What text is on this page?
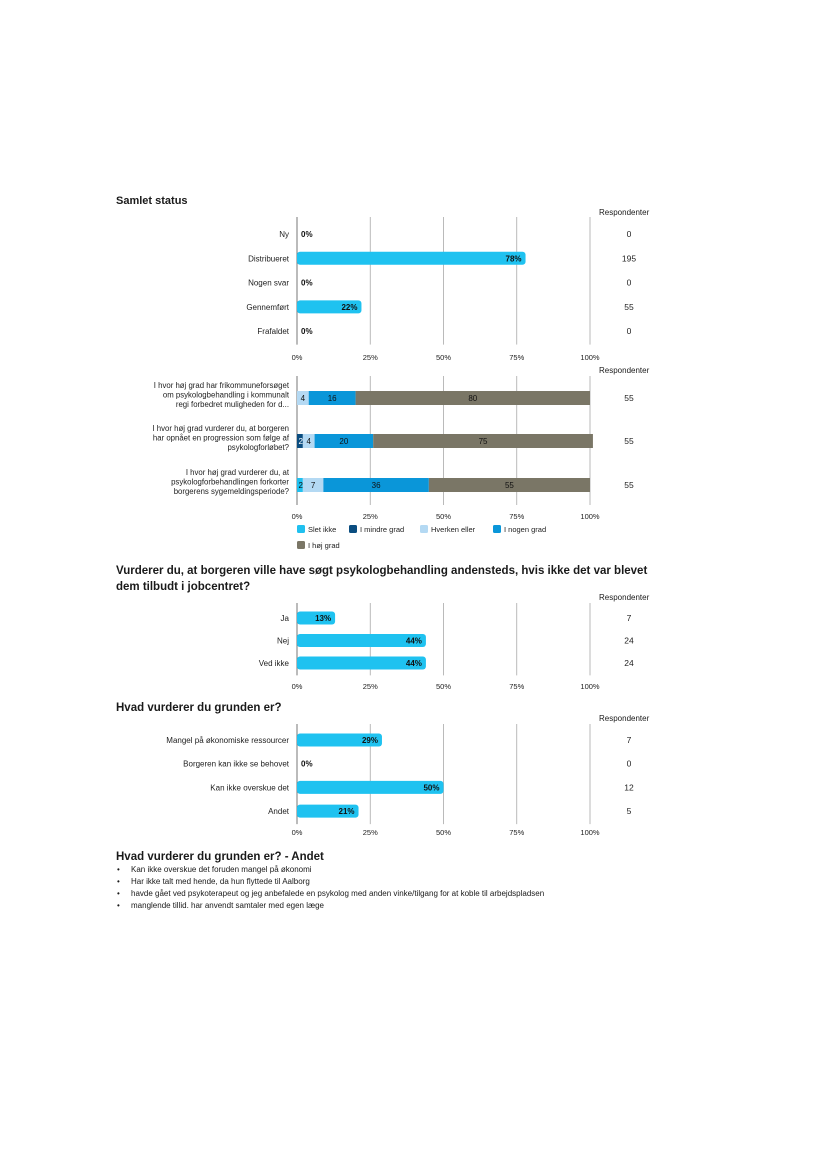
Samlet status
Respondenter
0%	25%	50%	75%	100%
Ny 0%	0
Distribueret	78%	195
Nogen svar 0%	0
Gennemført	22%	55
Frafaldet 0%	0
0%	25%	50%	75%	100%
I hvor høj grad har frikommuneforsøget
om psykologbehandling i kommunalt
regi forbedret muligheden for d...
4	16	80	55
I hvor høj grad vurderer du, at borgeren
har opnået en progression som følge af
psykologforløbet?
2 4	20	75	55
I hvor høj grad vurderer du, at
psykologforbehandlingen forkorter
borgerens sygemeldingsperiode?
2 7	36	55	55
Slet ikke	I mindre grad	Hverken eller	I nogen grad
I høj grad
0%	25%	50%	75%	100%
Ja	13%	7
Nej	44%	24
Ved ikke	44%	24
0%	25%	50%	75%	100%
Mangel på økonomiske ressourcer	29%	7
Borgeren kan ikke se behovet 0%	0
Kan ikke overskue det	50%	12
Andet	21%	5
Respondenter
Vurderer du, at borgeren ville have søgt psykologbehandling andensteds, hvis ikke det var blevet dem tilbudt i jobcentret?
Respondenter
Hvad vurderer du grunden er?
Respondenter
Hvad vurderer du grunden er? - Andet
• Kan ikke overskue det foruden mangel på økonomi
• Har ikke talt med hende, da hun flyttede til Aalborg
• havde gået ved psykoterapeut og jeg anbefalede en psykolog med anden vinke/tilgang for at koble til arbejdspladsen
• manglende tillid. har anvendt samtaler med egen læge
